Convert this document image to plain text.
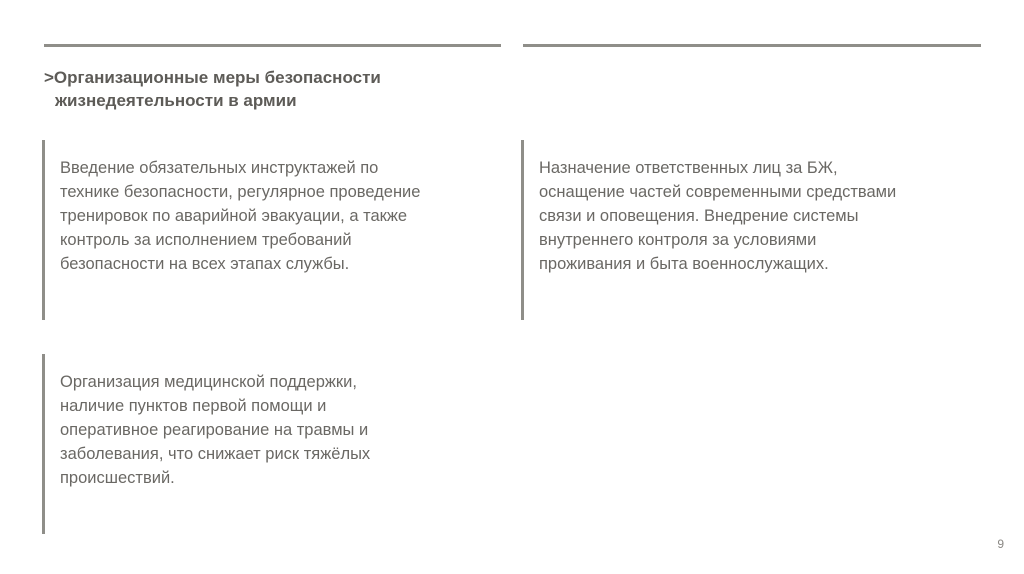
>Организационные меры безопасности
жизнедеятельности в армии
Введение обязательных инструктажей по
технике безопасности, регулярное проведение
тренировок по аварийной эвакуации, а также
контроль за исполнением требований
безопасности на всех этапах службы.
Назначение ответственных лиц за БЖ,
оснащение частей современными средствами
связи и оповещения. Внедрение системы
внутреннего контроля за условиями
проживания и быта военнослужащих.
Организация медицинской поддержки,
наличие пунктов первой помощи и
оперативное реагирование на травмы и
заболевания, что снижает риск тяжёлых
происшествий.
9
